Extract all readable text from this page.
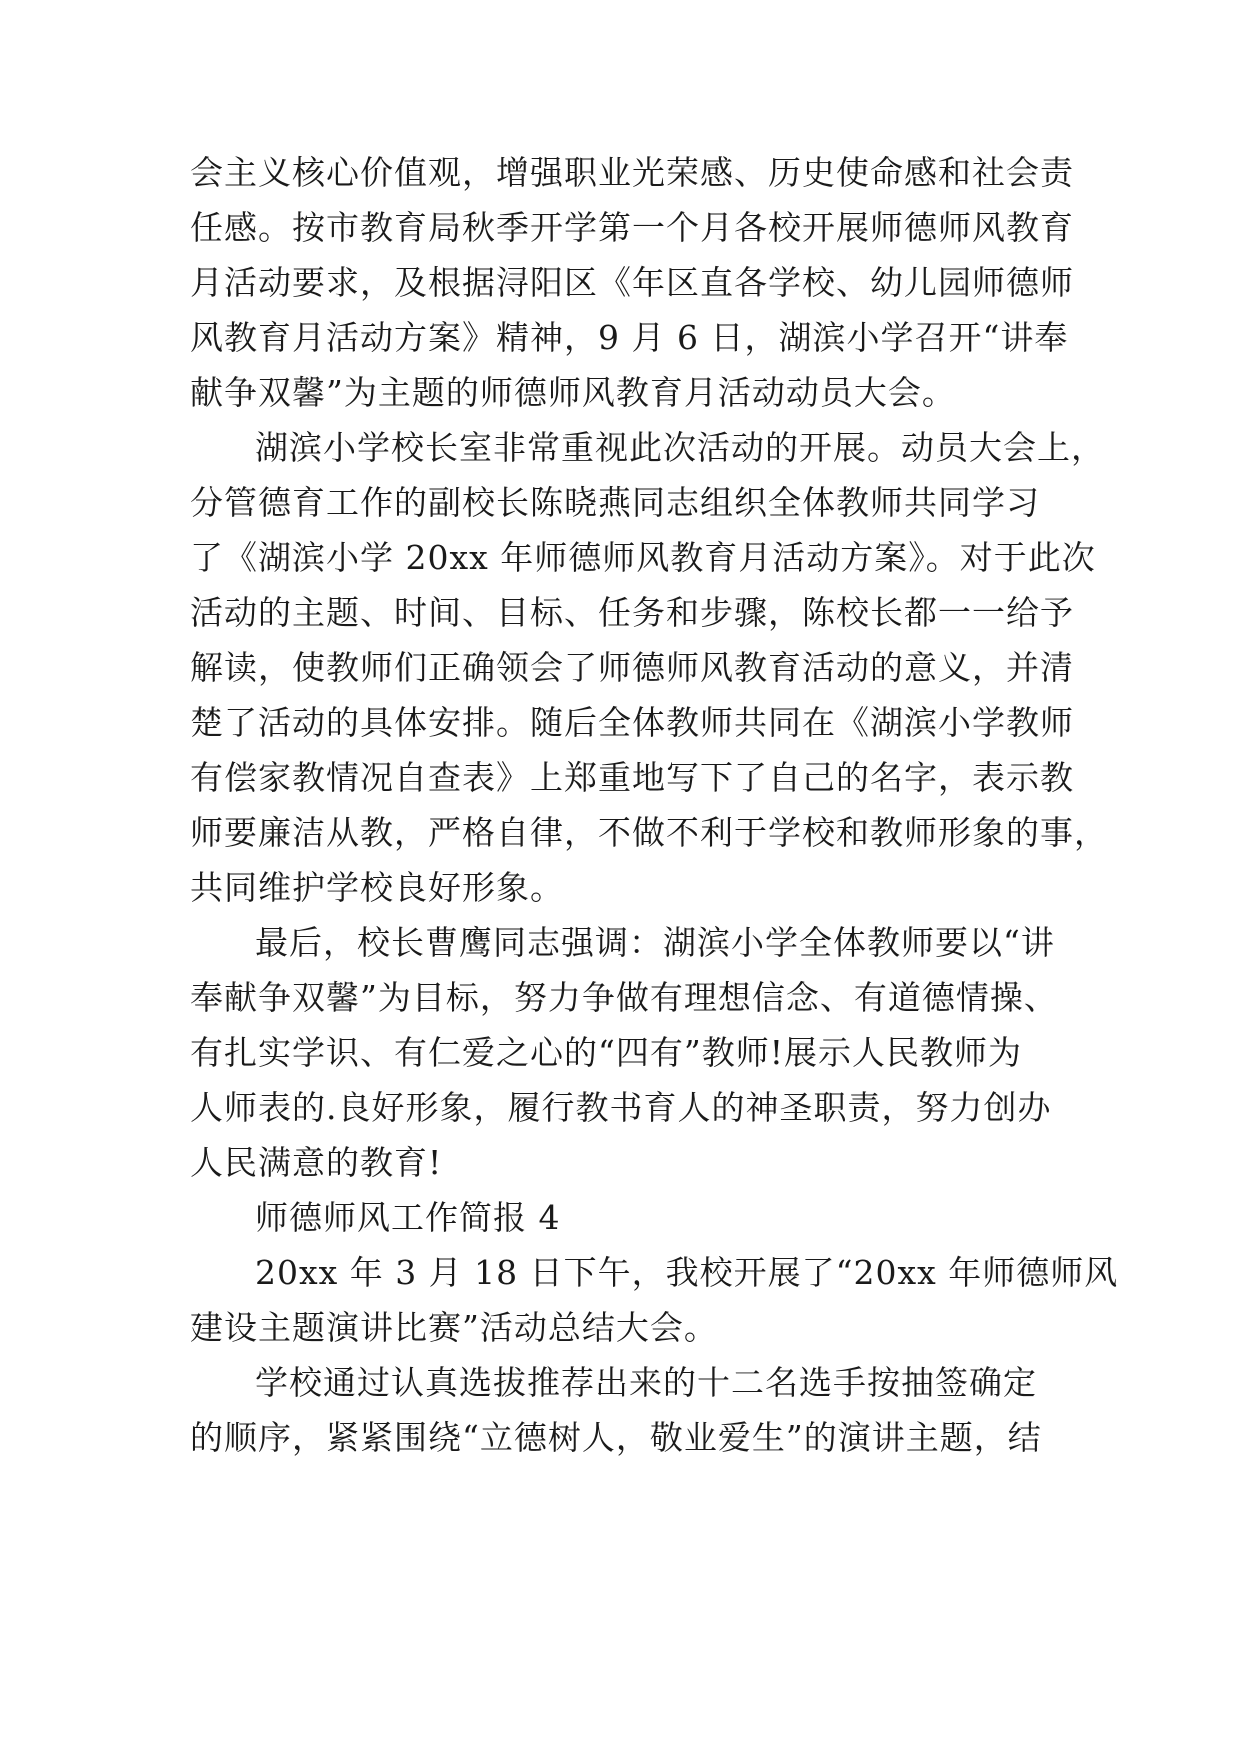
会主义核心价值观，增强职业光荣感、历史使命感和社会责
任感。按市教育局秋季开学第一个月各校开展师德师风教育
月活动要求，及根据浔阳区《年区直各学校、幼儿园师德师
风教育月活动方案》精神，9 月 6 日，湖滨小学召开“讲奉
献争双馨”为主题的师德师风教育月活动动员大会。
湖滨小学校长室非常重视此次活动的开展。动员大会上，
分管德育工作的副校长陈晓燕同志组织全体教师共同学习
了《湖滨小学 20xx 年师德师风教育月活动方案》。对于此次
活动的主题、时间、目标、任务和步骤，陈校长都一一给予
解读，使教师们正确领会了师德师风教育活动的意义，并清
楚了活动的具体安排。随后全体教师共同在《湖滨小学教师
有偿家教情况自查表》上郑重地写下了自己的名字，表示教
师要廉洁从教，严格自律，不做不利于学校和教师形象的事，
共同维护学校良好形象。
最后，校长曹鹰同志强调：湖滨小学全体教师要以“讲
奉献争双馨”为目标，努力争做有理想信念、有道德情操、
有扎实学识、有仁爱之心的“四有”教师!展示人民教师为
人师表的.良好形象，履行教书育人的神圣职责，努力创办
人民满意的教育!
师德师风工作简报 4
20xx 年 3 月 18 日下午，我校开展了“20xx 年师德师风
建设主题演讲比赛”活动总结大会。
学校通过认真选拔推荐出来的十二名选手按抽签确定
的顺序，紧紧围绕“立德树人，敬业爱生”的演讲主题，结
